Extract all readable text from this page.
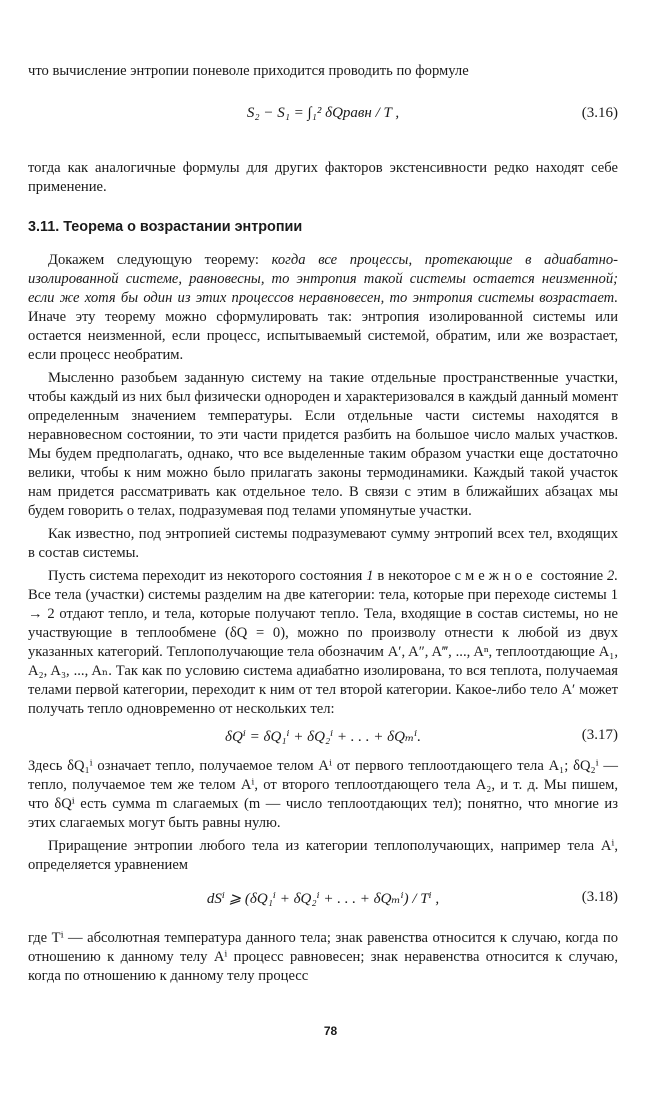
что вычисление энтропии поневоле приходится проводить по формуле

S₂ − S₁ = ∫₁² δQравн / T ,	(3.16)

тогда как аналогичные формулы для других факторов экстенсивности редко находят себе применение.

3.11. Теорема о возрастании энтропии

Докажем следующую теорему: когда все процессы, протекающие в адиабатно-изолированной системе, равновесны, то энтропия такой системы остается неизменной; если же хотя бы один из этих процессов неравновесен, то энтропия системы возрастает. Иначе эту теорему можно сформулировать так: энтропия изолированной системы или остается неизменной, если процесс, испытываемый системой, обратим, или же возрастает, если процесс необратим.

Мысленно разобьем заданную систему на такие отдельные пространственные участки, чтобы каждый из них был физически однороден и характеризовался в каждый данный момент определенным значением температуры. Если отдельные части системы находятся в неравновесном состоянии, то эти части придется разбить на большое число малых участков. Мы будем предполагать, однако, что все выделенные таким образом участки еще достаточно велики, чтобы к ним можно было прилагать законы термодинамики. Каждый такой участок нам придется рассматривать как отдельное тело. В связи с этим в ближайших абзацах мы будем говорить о телах, подразумевая под телами упомянутые участки.

Как известно, под энтропией системы подразумевают сумму энтропий всех тел, входящих в состав системы.

Пусть система переходит из некоторого состояния 1 в некоторое смежное состояние 2. Все тела (участки) системы разделим на две категории: тела, которые при переходе системы 1 → 2 отдают тепло, и тела, которые получают тепло. Тела, входящие в состав системы, но не участвующие в теплообмене (δQ = 0), можно по произволу отнести к любой из двух указанных категорий. Теплополучающие тела обозначим A′, A″, A‴, ..., Aⁿ, теплоотдающие A₁, A₂, A₃, ..., Aₙ. Так как по условию система адиабатно изолирована, то вся теплота, получаемая телами первой категории, переходит к ним от тел второй категории. Какое-либо тело A′ может получать тепло одновременно от нескольких тел:

δQⁱ = δQ₁ⁱ + δQ₂ⁱ + . . . + δQₘⁱ.	(3.17)

Здесь δQ₁ⁱ означает тепло, получаемое телом Aⁱ от первого теплоотдающего тела A₁; δQ₂ⁱ — тепло, получаемое тем же телом Aⁱ, от второго теплоотдающего тела A₂, и т. д. Мы пишем, что δQⁱ есть сумма m слагаемых (m — число теплоотдающих тел); понятно, что многие из этих слагаемых могут быть равны нулю.

Приращение энтропии любого тела из категории теплополучающих, например тела Aⁱ, определяется уравнением

dSⁱ ⩾ (δQ₁ⁱ + δQ₂ⁱ + . . . + δQₘⁱ) / Tⁱ ,	(3.18)

где Tⁱ — абсолютная температура данного тела; знак равенства относится к случаю, когда по отношению к данному телу Aⁱ процесс равновесен; знак неравенства относится к случаю, когда по отношению к данному телу процесс

78
